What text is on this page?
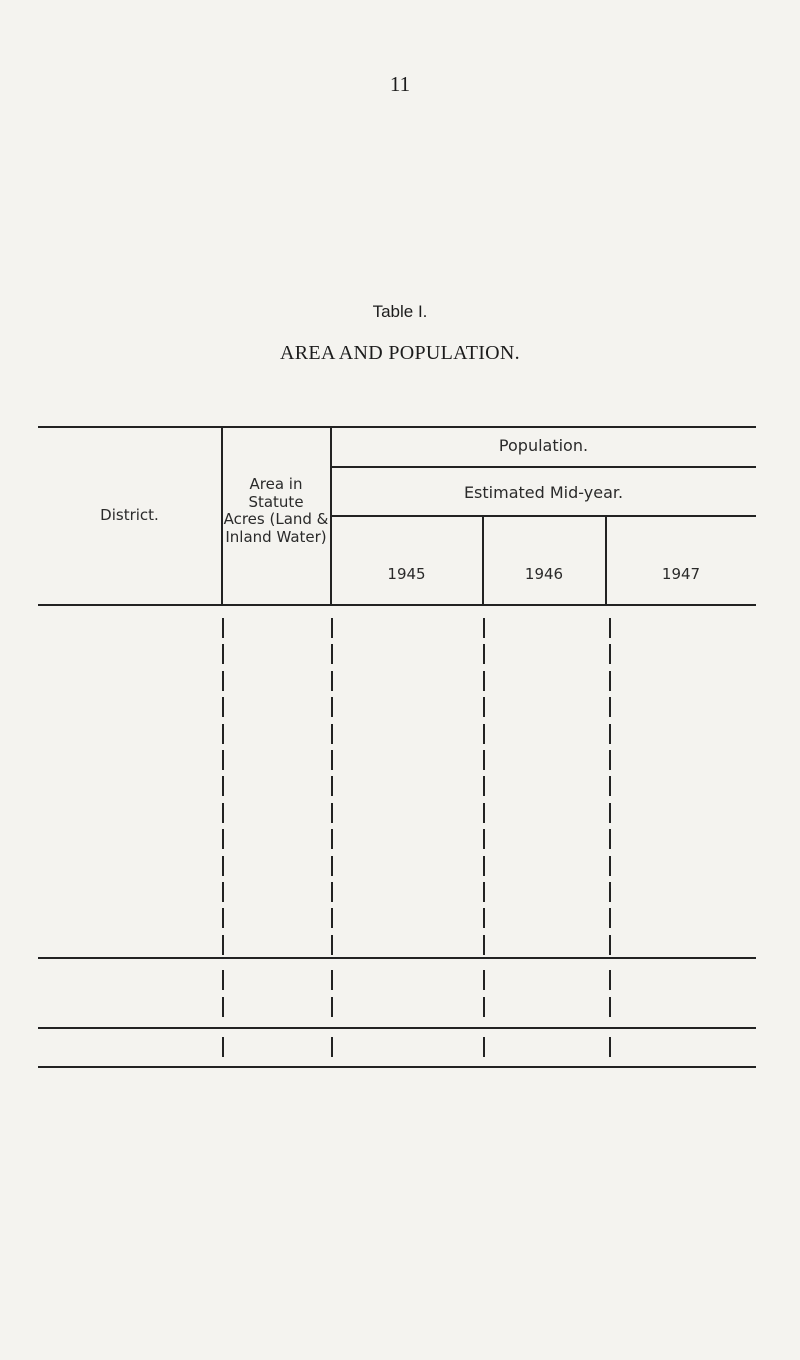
11
Table I.
AREA AND POPULATION.
District.
Area in Statute
Acres (Land &
Inland Water)
Population.
Estimated Mid-year.
1945	1946	1947
